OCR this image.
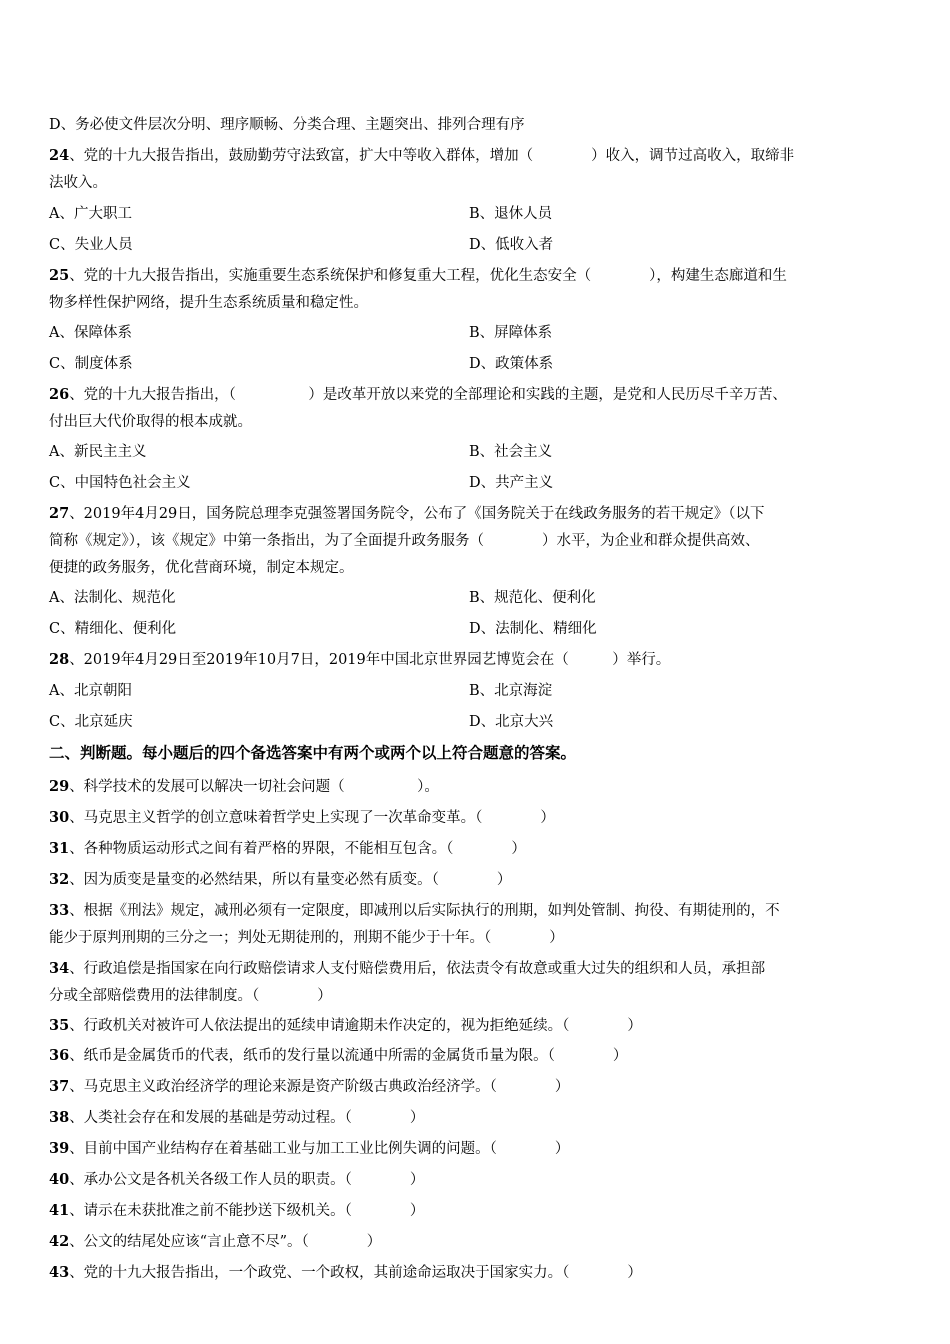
D、务必使文件层次分明、理序顺畅、分类合理、主题突出、排列合理有序
24、党的十九大报告指出，鼓励勤劳守法致富，扩大中等收入群体，增加（　　　　）收入，调节过高收入，取缔非
法收入。
A、广大职工	B、退休人员
C、失业人员	D、低收入者
25、党的十九大报告指出，实施重要生态系统保护和修复重大工程，优化生态安全（　　　　），构建生态廊道和生
物多样性保护网络，提升生态系统质量和稳定性。
A、保障体系	B、屏障体系
C、制度体系	D、政策体系
26、党的十九大报告指出，（　　　　　）是改革开放以来党的全部理论和实践的主题，是党和人民历尽千辛万苦、
付出巨大代价取得的根本成就。
A、新民主主义	B、社会主义
C、中国特色社会主义	D、共产主义
27、2019年4月29日，国务院总理李克强签署国务院令，公布了《国务院关于在线政务服务的若干规定》（以下
简称《规定》），该《规定》中第一条指出，为了全面提升政务服务（　　　　）水平，为企业和群众提供高效、
便捷的政务服务，优化营商环境，制定本规定。
A、法制化、规范化	B、规范化、便利化
C、精细化、便利化	D、法制化、精细化
28、2019年4月29日至2019年10月7日，2019年中国北京世界园艺博览会在（　　　）举行。
A、北京朝阳	B、北京海淀
C、北京延庆	D、北京大兴
二、判断题。每小题后的四个备选答案中有两个或两个以上符合题意的答案。
29、科学技术的发展可以解决一切社会问题（　　　　　）。
30、马克思主义哲学的创立意味着哲学史上实现了一次革命变革。（　　　　）
31、各种物质运动形式之间有着严格的界限，不能相互包含。（　　　　）
32、因为质变是量变的必然结果，所以有量变必然有质变。（　　　　）
33、根据《刑法》规定，减刑必须有一定限度，即减刑以后实际执行的刑期，如判处管制、拘役、有期徒刑的，不
能少于原判刑期的三分之一；判处无期徒刑的，刑期不能少于十年。（　　　　）
34、行政追偿是指国家在向行政赔偿请求人支付赔偿费用后，依法责令有故意或重大过失的组织和人员，承担部
分或全部赔偿费用的法律制度。（　　　　）
35、行政机关对被许可人依法提出的延续申请逾期未作决定的，视为拒绝延续。（　　　　）
36、纸币是金属货币的代表，纸币的发行量以流通中所需的金属货币量为限。（　　　　）
37、马克思主义政治经济学的理论来源是资产阶级古典政治经济学。（　　　　）
38、人类社会存在和发展的基础是劳动过程。（　　　　）
39、目前中国产业结构存在着基础工业与加工工业比例失调的问题。（　　　　）
40、承办公文是各机关各级工作人员的职责。（　　　　）
41、请示在未获批准之前不能抄送下级机关。（　　　　）
42、公文的结尾处应该“言止意不尽”。（　　　　）
43、党的十九大报告指出，一个政党、一个政权，其前途命运取决于国家实力。（　　　　）
